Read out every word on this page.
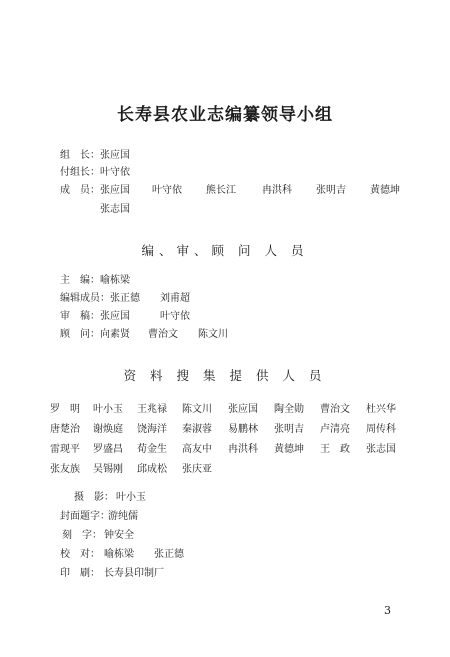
长寿县农业志编纂领导小组
组　长： 张应国
付组长： 叶守依
成　员： 张应国 叶守依 熊长江	冉洪科 张明吉 黄德坤
张志国
编、审、顾 问 人 员
主　编： 喻栋梁
编辑成员： 张正德 刘甫超
审　稿： 张应国	叶守依
顾　问： 向素贤 曹治文 陈文川
资 料 搜 集 提 供 人 员
罗　明 叶小玉 王兆禄 陈文川 张应国 陶全勋 曹治文 杜兴华
唐楚治 谢焕庭 饶海洋 秦淑蓉 易鹏林 张明吉 卢清亮 周传科
雷现平 罗盛昌 荀金生 高友中 冉洪科 黄德坤 王　政 张志国
张友族 吴锡刚 邱成松 张庆亚
摄　影： 叶小玉
封面题字：
游纯儒
刻　字： 钟安全
校　对： 喻栋梁　　张正德
印　刷： 长寿县印制厂
3
